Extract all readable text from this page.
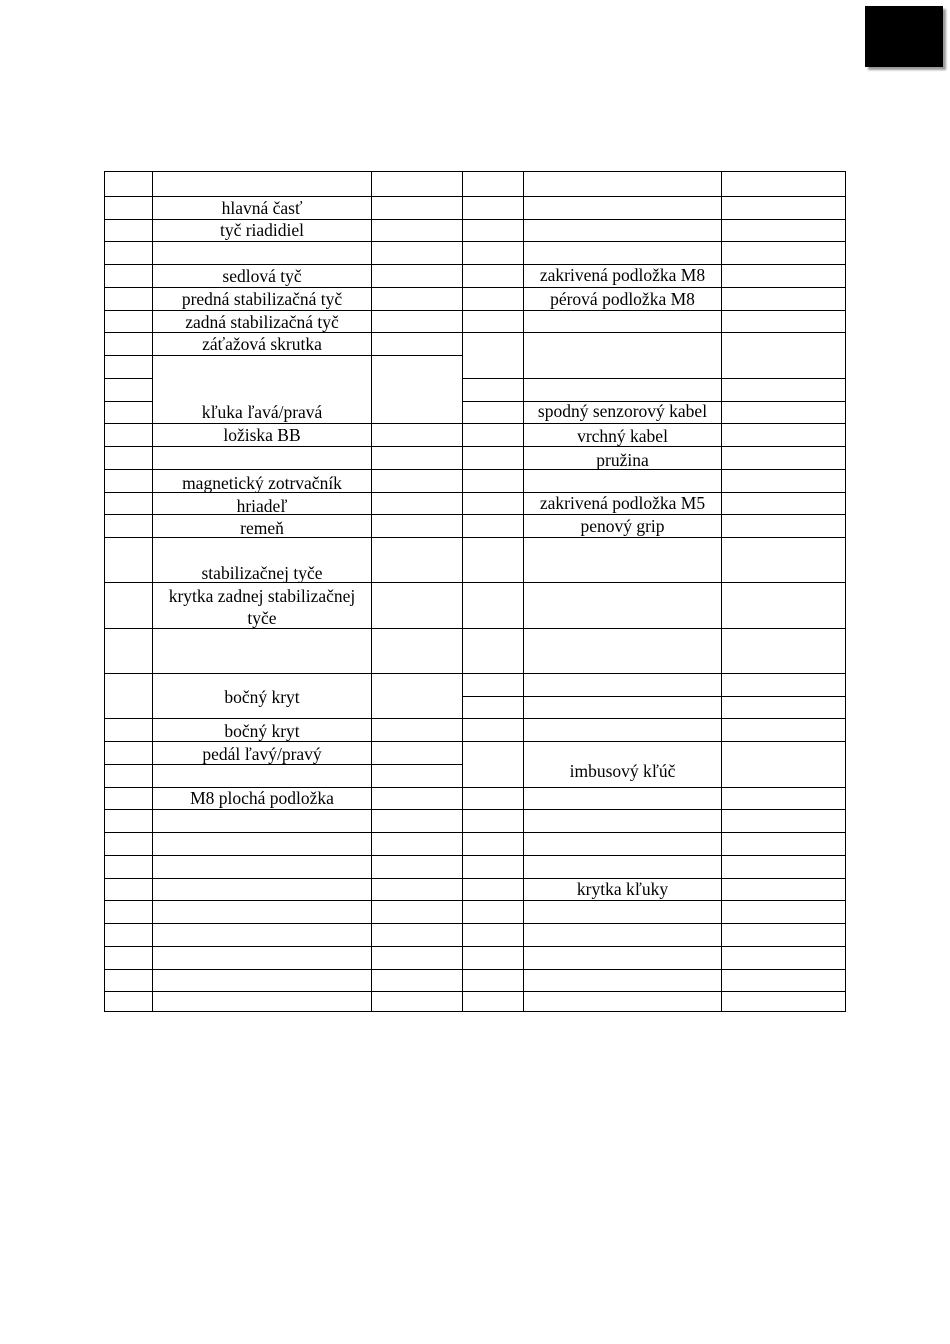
hlavná časť
tyč riadidiel
sedlová tyč
predná stabilizačná tyč
zadná stabilizačná tyč
záťažová skrutka
kľuka ľavá/pravá
ložiska BB
magnetický zotrvačník
hriadeľ
remeň
stabilizačnej tyče
krytka zadnej stabilizačnej tyče
bočný kryt
bočný kryt
pedál ľavý/pravý
M8 plochá podložka
zakrivená podložka M8
pérová podložka M8
spodný senzorový kabel
vrchný kabel
pružina
zakrivená podložka M5
penový grip
imbusový kľúč
krytka kľuky
